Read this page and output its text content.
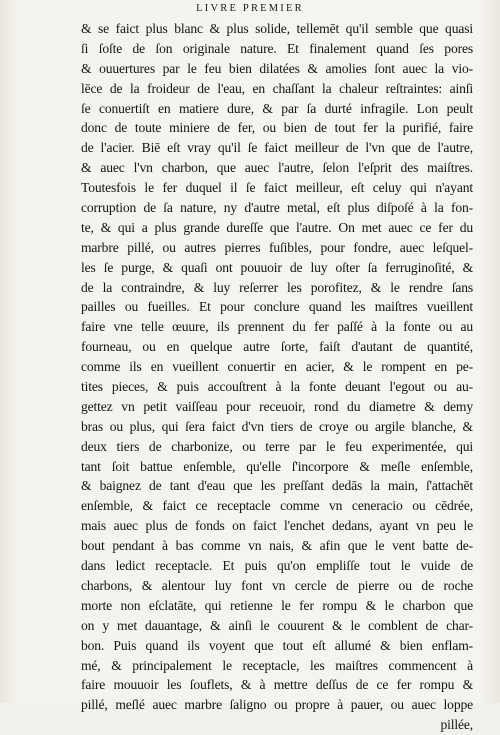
LIVRE PREMIER
& se faict plus blanc & plus solide, tellemēt qu'il semble que quasi
ſi ſoſte de ſon originale nature. Et finalement quand ſes pores
& ouuertures par le feu bien dilatées & amolies ſont auec la vio-
lēce de la froideur de l'eau, en chaſſant la chaleur reſtraintes: ainſi
ſe conuertiſt en matiere dure, & par ſa durté infragile. Lon peult
donc de toute miniere de fer, ou bien de tout fer la purifié, faire
de l'acier. Biē eſt vray qu'il ſe faict meilleur de l'vn que de l'autre,
& auec l'vn charbon, que auec l'autre, ſelon l'eſprit des maiſtres.
Toutesfois le fer duquel il ſe faict meilleur, eſt celuy qui n'ayant
corruption de ſa nature, ny d'autre metal, eſt plus diſpoſé à la fon-
te, & qui a plus grande dureſſe que l'autre. On met auec ce fer du
marbre pillé, ou autres pierres fuſibles, pour fondre, auec leſquel-
les ſe purge, & quaſi ont pouuoir de luy oſter ſa ferruginoſité, &
de la contraindre, & luy reſerrer les porofitez, & le rendre ſans
pailles ou fueilles. Et pour conclure quand les maiſtres vueillent
faire vne telle œuure, ils prennent du fer paſſé à la fonte ou au
fourneau, ou en quelque autre ſorte, faiſt d'autant de quantité,
comme ils en vueillent conuertir en acier, & le rompent en pe-
tites pieces, & puis accouſtrent à la fonte deuant l'egout ou au-
gettez vn petit vaiſſeau pour receuoir, rond du diametre & demy
bras ou plus, qui ſera faict d'vn tiers de croye ou argile blanche, &
deux tiers de charbonize, ou terre par le feu experimentée, qui
tant ſoit battue enſemble, qu'elle ſ'incorpore & meſle enſemble,
& baignez de tant d'eau que les preſſant dedās la main, ſ'attachēt
enſemble, & faict ce receptacle comme vn ceneracio ou cēdrée,
mais auec plus de fonds on faict l'enchet dedans, ayant vn peu le
bout pendant à bas comme vn nais, & afin que le vent batte de-
dans ledict receptacle. Et puis qu'on empliſſe tout le vuide de
charbons, & alentour luy font vn cercle de pierre ou de roche
morte non eſclatāte, qui retienne le fer rompu & le charbon que
on y met dauantage, & ainſi le couurent & le comblent de char-
bon. Puis quand ils voyent que tout eſt allumé & bien enflam-
mé, & principalement le receptacle, les maiſtres commencent à
faire mouuoir les ſouflets, & à mettre deſſus de ce fer rompu &
pillé, meſlé auec marbre ſaligno ou propre à pauer, ou auec loppe
pillée,
